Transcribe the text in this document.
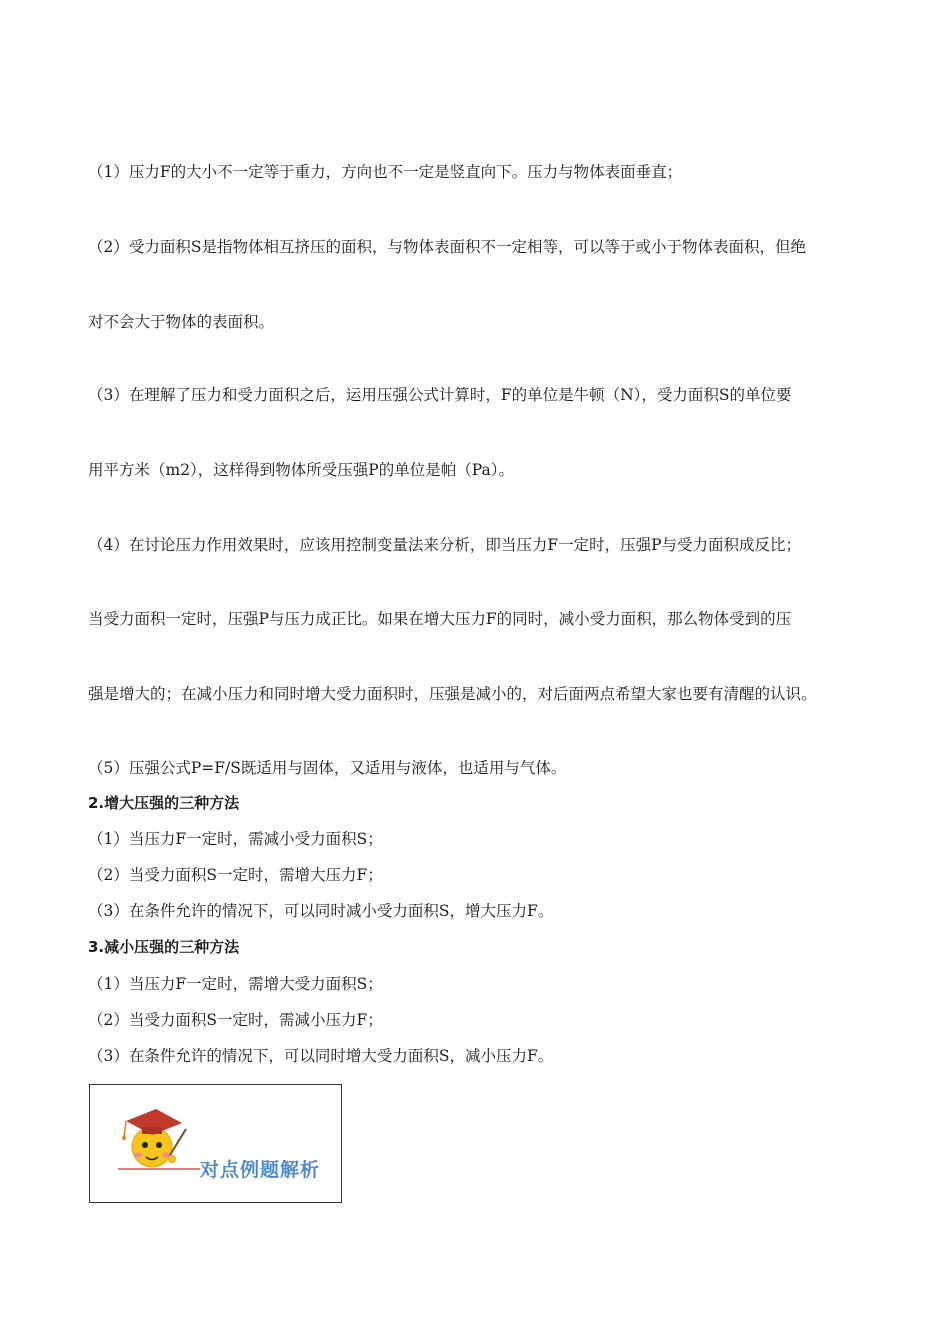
（1）压力F的大小不一定等于重力，方向也不一定是竖直向下。压力与物体表面垂直；
（2）受力面积S是指物体相互挤压的面积，与物体表面积不一定相等，可以等于或小于物体表面积，但绝
对不会大于物体的表面积。
（3）在理解了压力和受力面积之后，运用压强公式计算时，F的单位是牛顿（N），受力面积S的单位要
用平方米（m2），这样得到物体所受压强P的单位是帕（Pa）。
（4）在讨论压力作用效果时，应该用控制变量法来分析，即当压力F一定时，压强P与受力面积成反比；
当受力面积一定时，压强P与压力成正比。如果在增大压力F的同时，减小受力面积，那么物体受到的压
强是增大的；在减小压力和同时增大受力面积时，压强是减小的，对后面两点希望大家也要有清醒的认识。
（5）压强公式P=F/S既适用与固体，又适用与液体，也适用与气体。
2.增大压强的三种方法
（1）当压力F一定时，需减小受力面积S；
（2）当受力面积S一定时，需增大压力F；
（3）在条件允许的情况下，可以同时减小受力面积S，增大压力F。
3.减小压强的三种方法
（1）当压力F一定时，需增大受力面积S；
（2）当受力面积S一定时，需减小压力F；
（3）在条件允许的情况下，可以同时增大受力面积S，减小压力F。
对点例题解析
